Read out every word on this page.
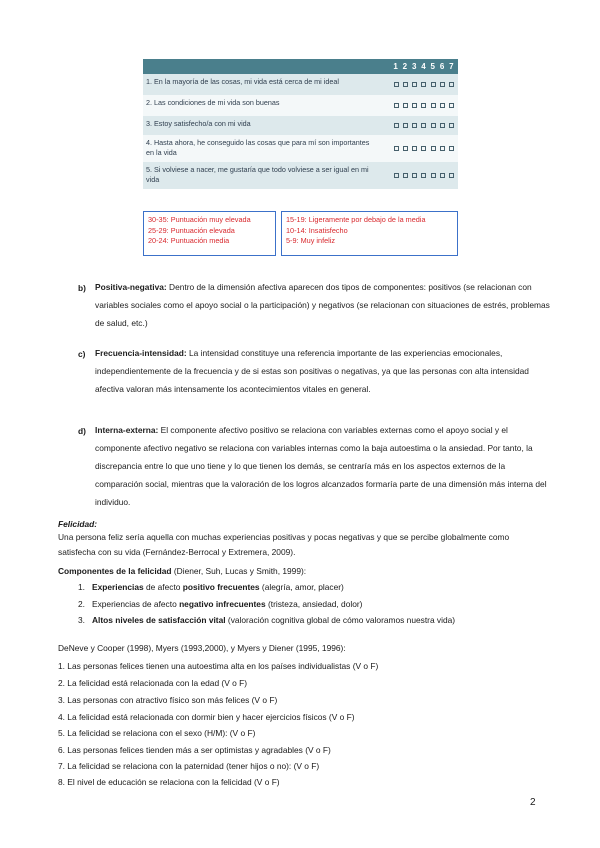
1 2 3 4 5 6 7
1. En la mayoría de las cosas, mi vida está cerca de mi ideal
2. Las condiciones de mi vida son buenas
3. Estoy satisfecho/a con mi vida
4. Hasta ahora, he conseguido las cosas que para mí son importantes en la vida
5. Si volviese a nacer, me gustaría que todo volviese a ser igual en mi vida
30-35: Puntuación muy elevada
25-29: Puntuación elevada
20-24: Puntuación media
15-19: Ligeramente por debajo de la media
10-14: Insatisfecho
5-9: Muy infeliz
b) Positiva-negativa: Dentro de la dimensión afectiva aparecen dos tipos de componentes: positivos (se relacionan con variables sociales como el apoyo social o la participación) y negativos (se relacionan con situaciones de estrés, problemas de salud, etc.)
c) Frecuencia-intensidad: La intensidad constituye una referencia importante de las experiencias emocionales, independientemente de la frecuencia y de si estas son positivas o negativas, ya que las personas con alta intensidad afectiva valoran más intensamente los acontecimientos vitales en general.
d) Interna-externa: El componente afectivo positivo se relaciona con variables externas como el apoyo social y el componente afectivo negativo se relaciona con variables internas como la baja autoestima o la ansiedad. Por tanto, la discrepancia entre lo que uno tiene y lo que tienen los demás, se centraría más en los aspectos externos de la comparación social, mientras que la valoración de los logros alcanzados formaría parte de una dimensión más interna del individuo.
Felicidad:
Una persona feliz sería aquella con muchas experiencias positivas y pocas negativas y que se percibe globalmente como satisfecha con su vida (Fernández-Berrocal y Extremera, 2009).
Componentes de la felicidad (Diener, Suh, Lucas y Smith, 1999):
1. Experiencias de afecto positivo frecuentes (alegría, amor, placer)
2. Experiencias de afecto negativo infrecuentes (tristeza, ansiedad, dolor)
3. Altos niveles de satisfacción vital (valoración cognitiva global de cómo valoramos nuestra vida)
DeNeve y Cooper (1998), Myers (1993,2000), y Myers y Diener (1995, 1996):
1. Las personas felices tienen una autoestima alta en los países individualistas (V o F)
2. La felicidad está relacionada con la edad (V o F)
3. Las personas con atractivo físico son más felices (V o F)
4. La felicidad está relacionada con dormir bien y hacer ejercicios físicos (V o F)
5. La felicidad se relaciona con el sexo (H/M): (V o F)
6. Las personas felices tienden más a ser optimistas y agradables (V o F)
7. La felicidad se relaciona con la paternidad (tener hijos o no): (V o F)
8. El nivel de educación se relaciona con la felicidad (V o F)
2
